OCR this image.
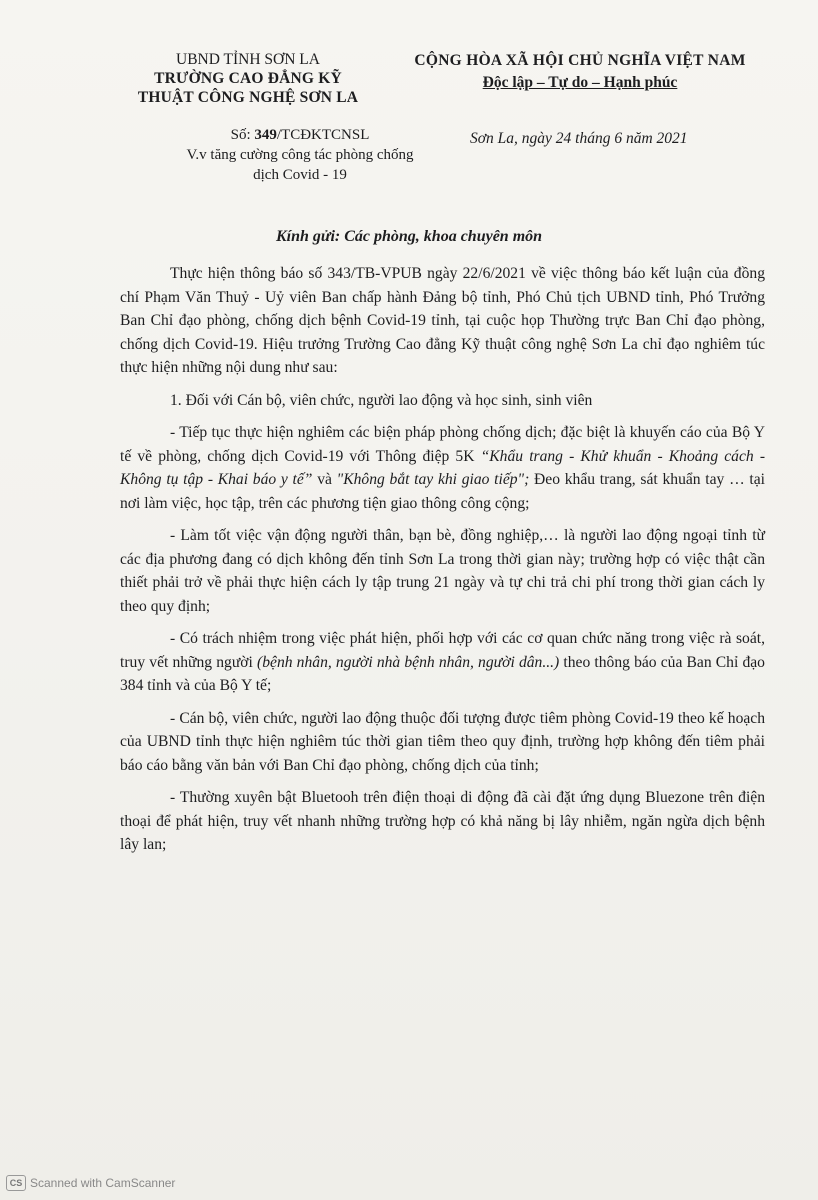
UBND TỈNH SƠN LA
TRƯỜNG CAO ĐẲNG KỸ
THUẬT CÔNG NGHỆ SƠN LA
CỘNG HÒA XÃ HỘI CHỦ NGHĨA VIỆT NAM
Độc lập – Tự do – Hạnh phúc
Số: 349/TCĐKTCNSL
V.v tăng cường công tác phòng chống
dịch Covid - 19
Sơn La, ngày 24 tháng 6 năm 2021
Kính gửi: Các phòng, khoa chuyên môn

Thực hiện thông báo số 343/TB-VPUB ngày 22/6/2021 về việc thông báo kết luận của đồng chí Phạm Văn Thuỷ - Uỷ viên Ban chấp hành Đảng bộ tỉnh, Phó Chủ tịch UBND tỉnh, Phó Trưởng Ban Chỉ đạo phòng, chống dịch bệnh Covid-19 tỉnh, tại cuộc họp Thường trực Ban Chỉ đạo phòng, chống dịch Covid-19. Hiệu trưởng Trường Cao đẳng Kỹ thuật công nghệ Sơn La chỉ đạo nghiêm túc thực hiện những nội dung như sau:

1. Đối với Cán bộ, viên chức, người lao động và học sinh, sinh viên

- Tiếp tục thực hiện nghiêm các biện pháp phòng chống dịch; đặc biệt là khuyến cáo của Bộ Y tế về phòng, chống dịch Covid-19 với Thông điệp 5K “Khẩu trang - Khử khuẩn - Khoảng cách - Không tụ tập - Khai báo y tế” và "Không bắt tay khi giao tiếp"; Đeo khẩu trang, sát khuẩn tay … tại nơi làm việc, học tập, trên các phương tiện giao thông công cộng;

- Làm tốt việc vận động người thân, bạn bè, đồng nghiệp,… là người lao động ngoại tỉnh từ các địa phương đang có dịch không đến tỉnh Sơn La trong thời gian này; trường hợp có việc thật cần thiết phải trở về phải thực hiện cách ly tập trung 21 ngày và tự chi trả chi phí trong thời gian cách ly theo quy định;

- Có trách nhiệm trong việc phát hiện, phối hợp với các cơ quan chức năng trong việc rà soát, truy vết những người (bệnh nhân, người nhà bệnh nhân, người dân...) theo thông báo của Ban Chỉ đạo 384 tỉnh và của Bộ Y tế;

- Cán bộ, viên chức, người lao động thuộc đối tượng được tiêm phòng Covid-19 theo kế hoạch của UBND tỉnh thực hiện nghiêm túc thời gian tiêm theo quy định, trường hợp không đến tiêm phải báo cáo bằng văn bản với Ban Chỉ đạo phòng, chống dịch của tỉnh;

- Thường xuyên bật Bluetooh trên điện thoại di động đã cài đặt ứng dụng Bluezone trên điện thoại để phát hiện, truy vết nhanh những trường hợp có khả năng bị lây nhiễm, ngăn ngừa dịch bệnh lây lan;

CS Scanned with CamScanner
